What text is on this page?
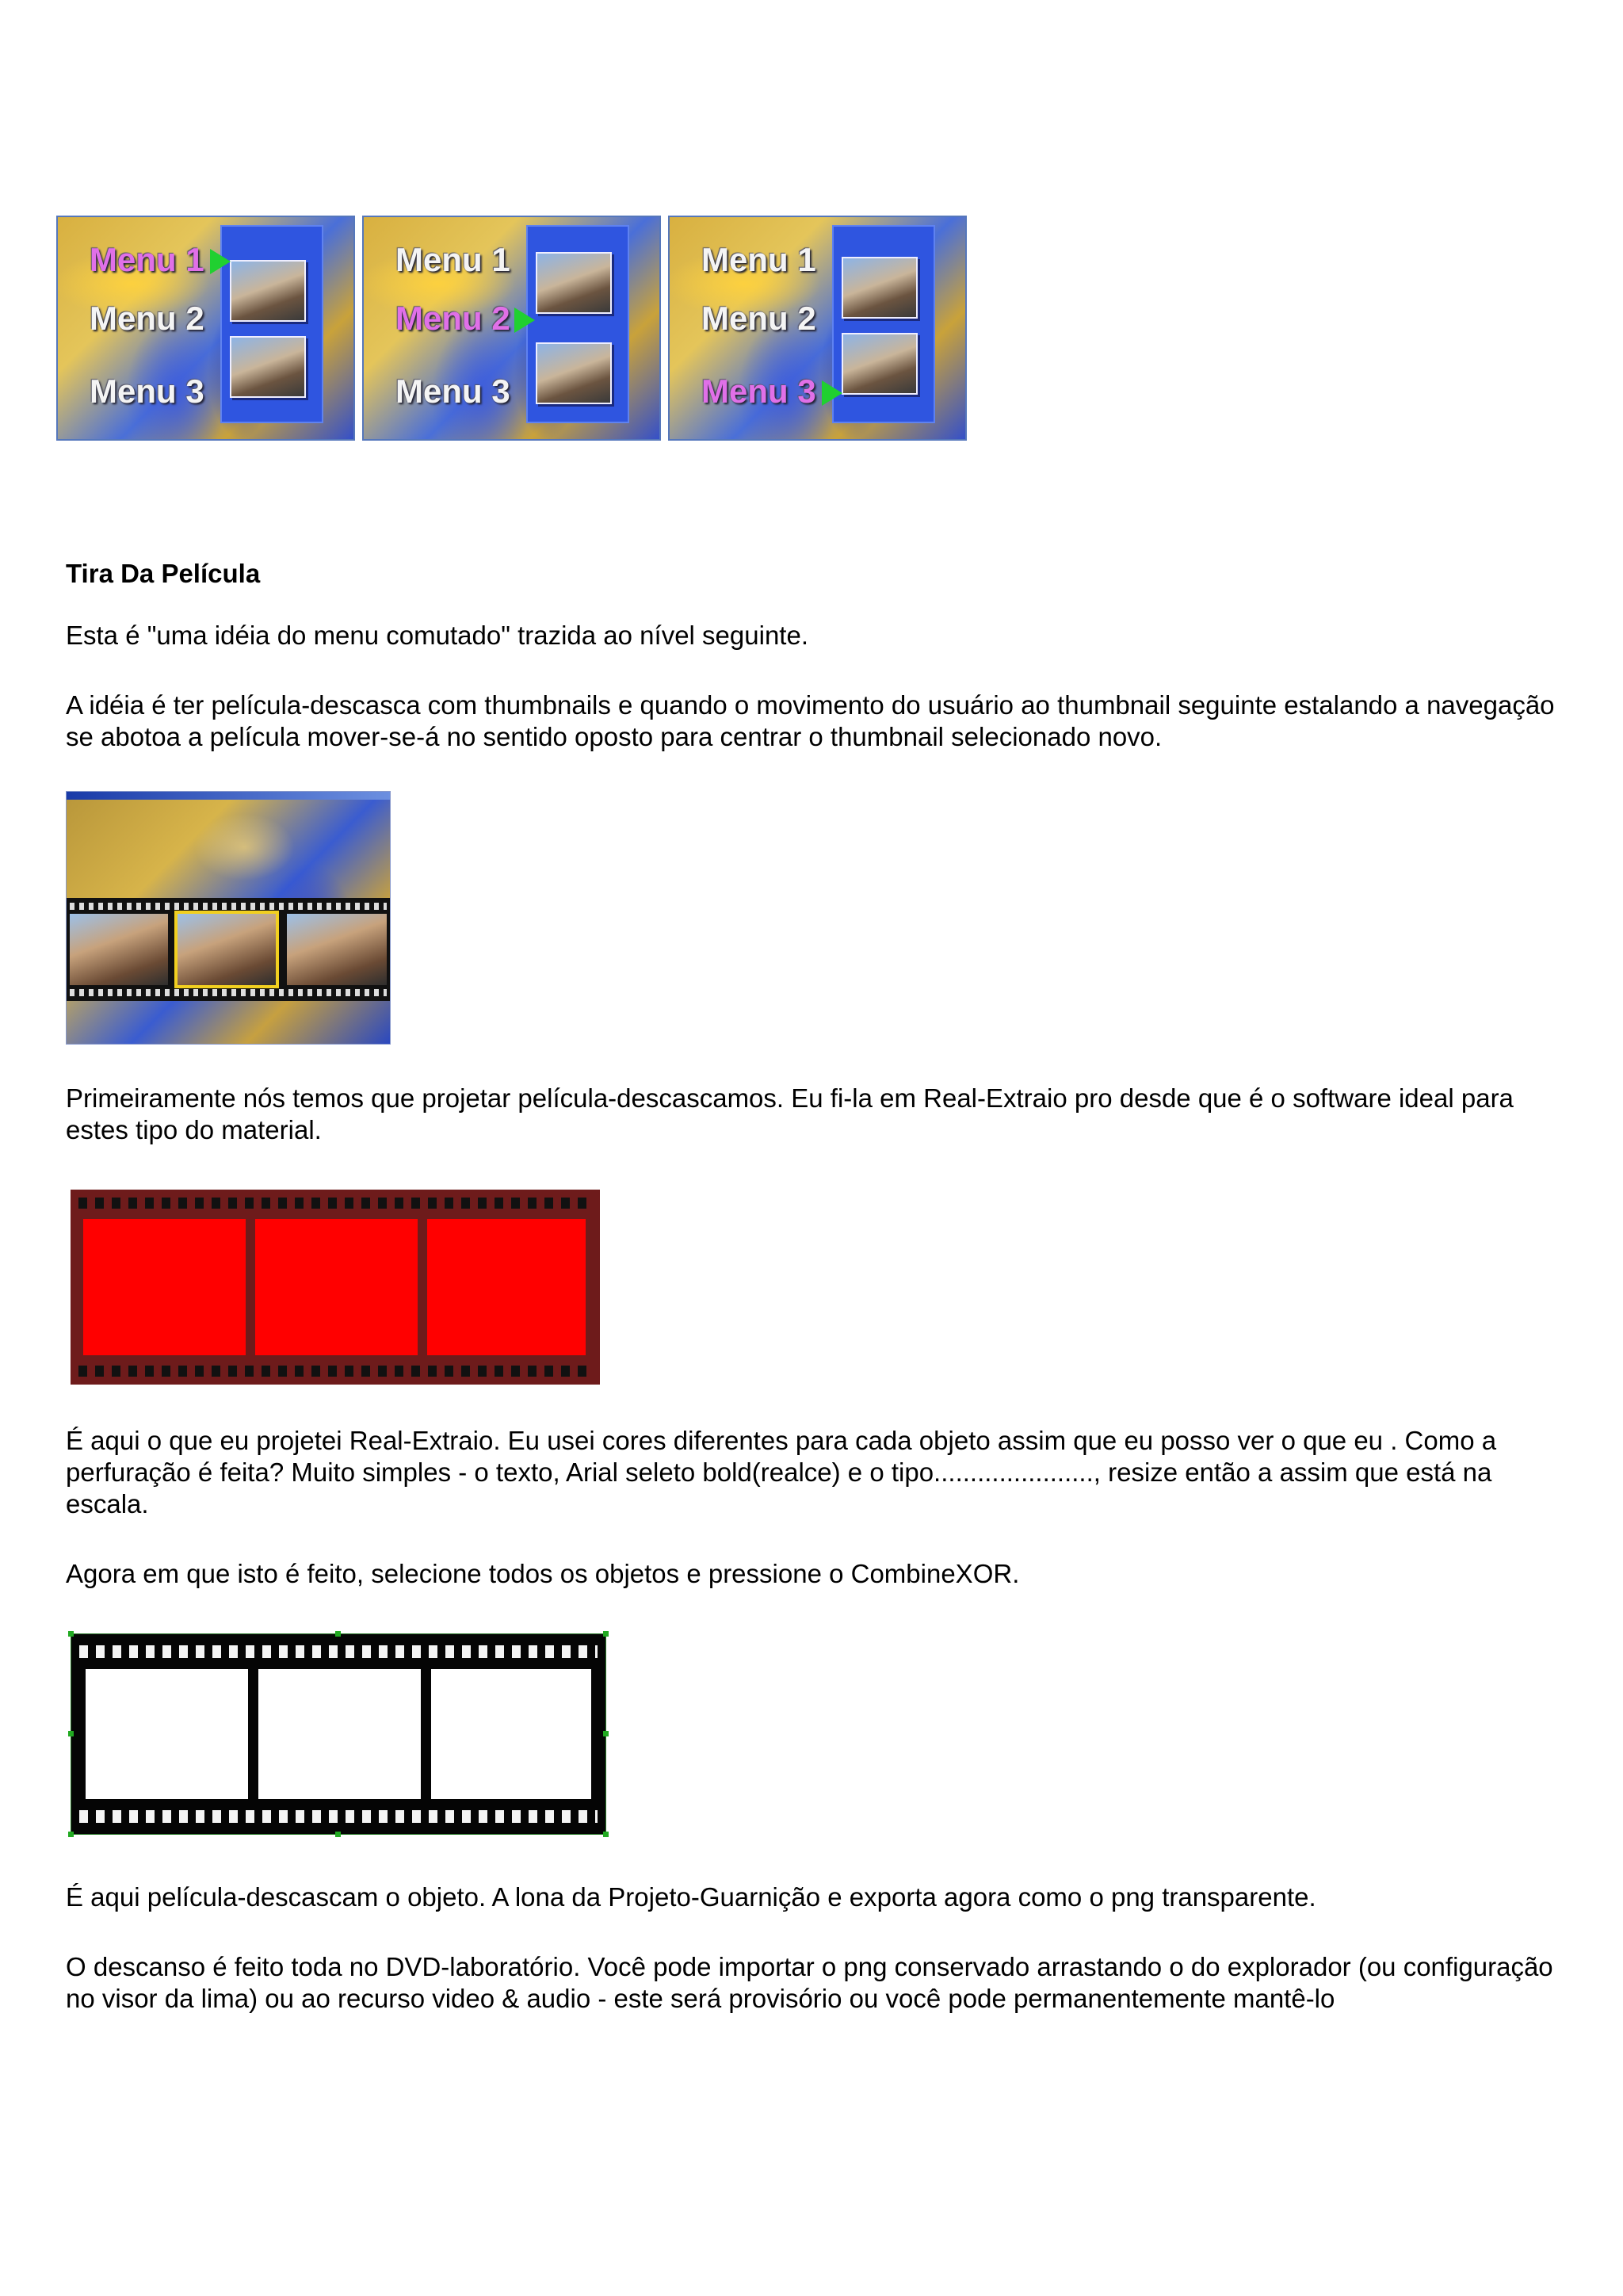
Menu 1
Menu 2
Menu 3
Menu 1
Menu 2
Menu 3
Menu 1
Menu 2
Menu 3

Tira Da Película

Esta é "uma idéia do menu comutado" trazida ao nível seguinte.

A idéia é ter película-descasca com thumbnails e quando o movimento do usuário ao thumbnail seguinte estalando a navegação se abotoa a película mover-se-á no sentido oposto para centrar o thumbnail selecionado novo.

Primeiramente nós temos que projetar película-descascamos. Eu fi-la em Real-Extraio pro desde que é o software ideal para estes tipo do material.

É aqui o que eu projetei Real-Extraio. Eu usei cores diferentes para cada objeto assim que eu posso ver o que eu . Como a perfuração é feita? Muito simples - o texto, Arial seleto bold(realce) e o tipo......................, resize então a assim que está na escala.

Agora em que isto é feito, selecione todos os objetos e pressione o CombineXOR.

É aqui película-descascam o objeto. A lona da Projeto-Guarnição e exporta agora como o png transparente.

O descanso é feito toda no DVD-laboratório. Você pode importar o png conservado arrastando o do explorador (ou configuração no visor da lima) ou ao recurso video & audio - este será provisório ou você pode permanentemente mantê-lo
